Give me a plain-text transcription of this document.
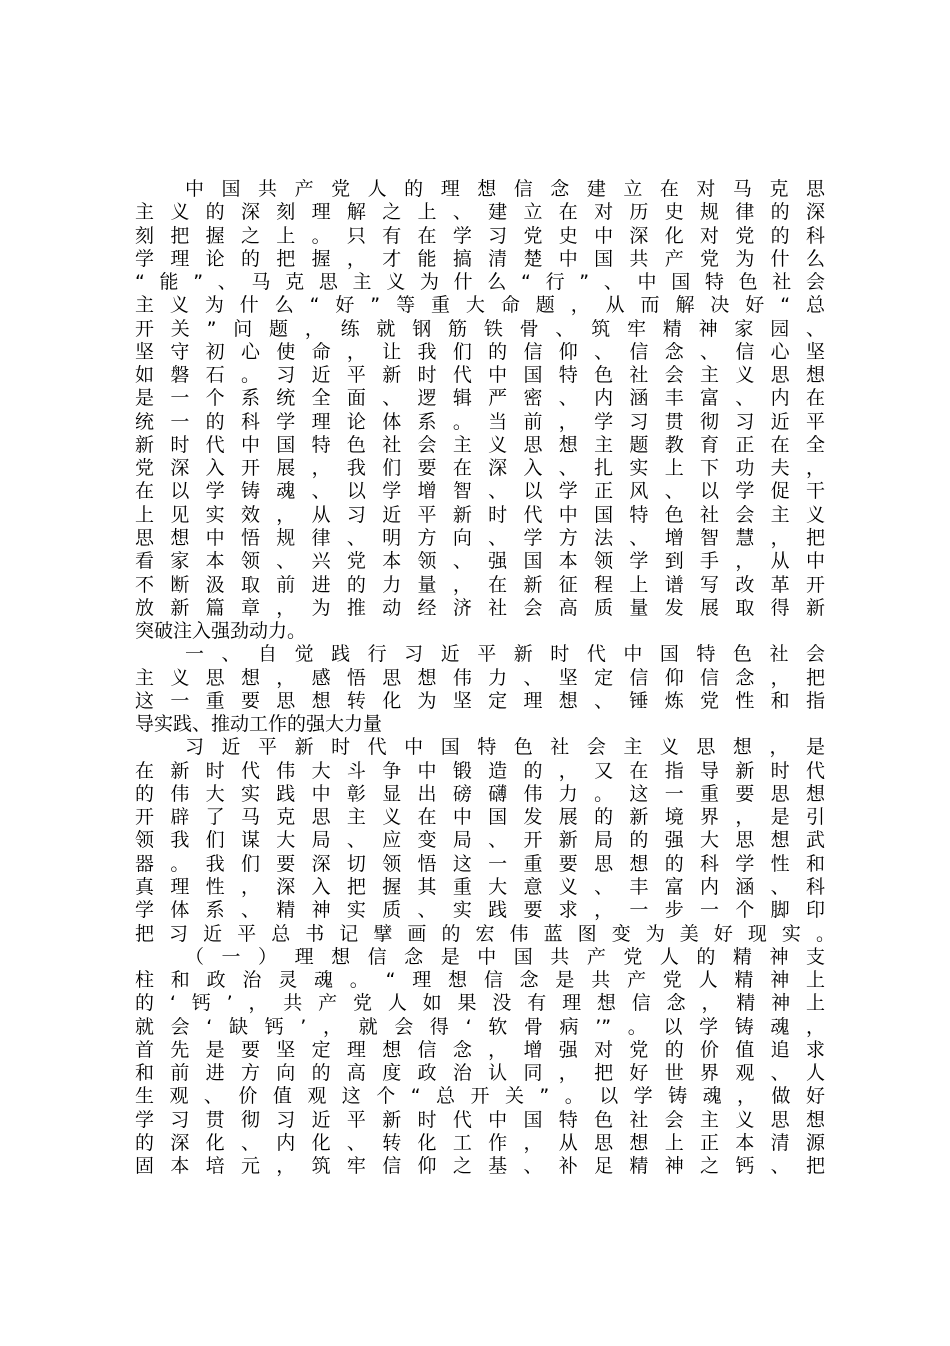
中国共产党人的理想信念建立在对马克思
主义的深刻理解之上、建立在对历史规律的深
刻把握之上。只有在学习党史中深化对党的科
学理论的把握，才能搞清楚中国共产党为什么
“能”、马克思主义为什么“行”、中国特色社会
主义为什么“好”等重大命题，从而解决好“总
开关”问题，练就钢筋铁骨、筑牢精神家园、
坚守初心使命，让我们的信仰、信念、信心坚
如磐石。习近平新时代中国特色社会主义思想
是一个系统全面、逻辑严密、内涵丰富、内在
统一的科学理论体系。当前，学习贯彻习近平
新时代中国特色社会主义思想主题教育正在全
党深入开展，我们要在深入、扎实上下功夫，
在以学铸魂、以学增智、以学正风、以学促干
上见实效，从习近平新时代中国特色社会主义
思想中悟规律、明方向、学方法、增智慧，把
看家本领、兴党本领、强国本领学到手，从中
不断汲取前进的力量，在新征程上谱写改革开
放新篇章，为推动经济社会高质量发展取得新
突破注入强劲动力。
一、自觉践行习近平新时代中国特色社会
主义思想，感悟思想伟力、坚定信仰信念，把
这一重要思想转化为坚定理想、锤炼党性和指
导实践、推动工作的强大力量
习近平新时代中国特色社会主义思想，是
在新时代伟大斗争中锻造的，又在指导新时代
的伟大实践中彰显出磅礴伟力。这一重要思想
开辟了马克思主义在中国发展的新境界，是引
领我们谋大局、应变局、开新局的强大思想武
器。我们要深切领悟这一重要思想的科学性和
真理性，深入把握其重大意义、丰富内涵、科
学体系、精神实质、实践要求，一步一个脚印
把习近平总书记擘画的宏伟蓝图变为美好现实。
（一）理想信念是中国共产党人的精神支
柱和政治灵魂。“理想信念是共产党人精神上
的‘钙’，共产党人如果没有理想信念，精神上
就会‘缺钙’，就会得‘软骨病’”。以学铸魂，
首先是要坚定理想信念，增强对党的价值追求
和前进方向的高度政治认同，把好世界观、人
生观、价值观这个“总开关”。以学铸魂，做好
学习贯彻习近平新时代中国特色社会主义思想
的深化、内化、转化工作，从思想上正本清源
固本培元，筑牢信仰之基、补足精神之钙、把
